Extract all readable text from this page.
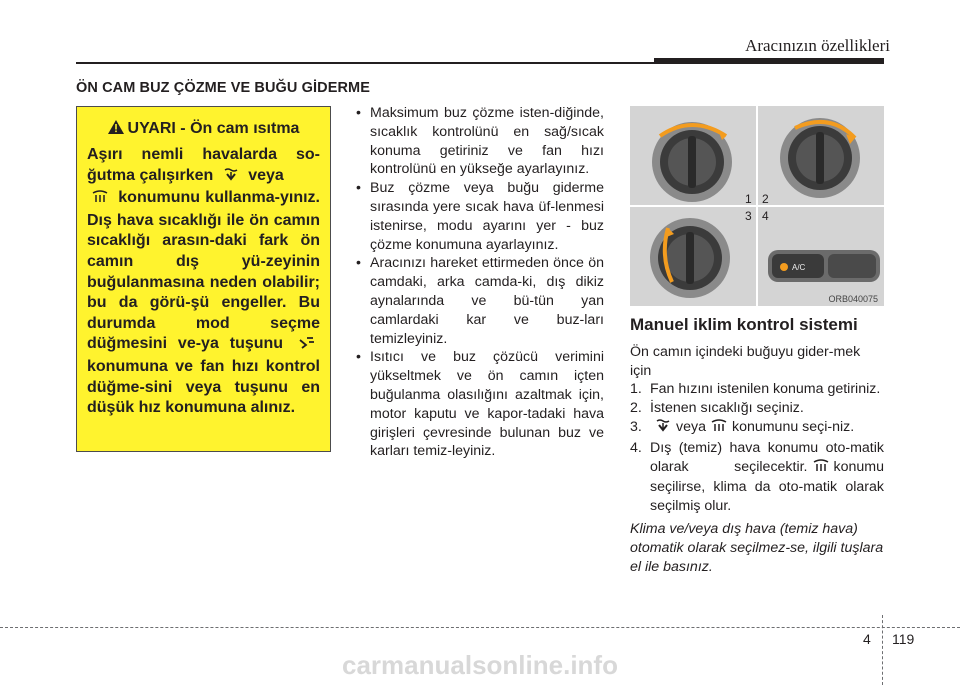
Aracınızın özellikleri
ÖN CAM BUZ ÇÖZME VE BUĞU GİDERME
UYARI - Ön cam ısıtma
Aşırı nemli havalarda so-ğutma çalışırken veya
konumunu kullanma-yınız. Dış hava sıcaklığı ile ön camın sıcaklığı arasın-daki fark ön camın dış yü-zeyinin buğulanmasına neden olabilir; bu da görü-şü engeller. Bu durumda mod seçme düğmesini ve-ya tuşunu  konumuna ve fan hızı kontrol düğme-sini veya tuşunu en düşük hız konumuna alınız.

• Maksimum buz çözme isten-diğinde, sıcaklık kontrolünü en sağ/sıcak konuma getiriniz ve fan hızı kontrolünü en yükseğe ayarlayınız.

• Buz çözme veya buğu giderme sırasında yere sıcak hava üf-lenmesi istenirse, modu ayarını yer - buz çözme konumuna ayarlayınız.

• Aracınızı hareket ettirmeden önce ön camdaki, arka camda-ki, dış dikiz aynalarında ve bü-tün yan camlardaki kar ve buz-ları temizleyiniz.

• Isıtıcı ve buz çözücü verimini yükseltmek ve ön camın içten buğulanma olasılığını azaltmak için, motor kaputu ve kapor-tadaki hava girişleri çevresinde bulunan buz ve karları temiz-leyiniz.

A/C
1 2
3 4
ORB040075
Manuel iklim kontrol sistemi

Ön camın içindeki buğuyu gider-mek için

1. Fan hızını istenilen konuma getiriniz.

2. İstenen sıcaklığı seçiniz.

3. veya konumunu seçi-niz.

4. Dış (temiz) hava konumu oto-matik olarak seçilecektir. konumu seçilirse, klima da oto-matik olarak seçilmiş olur.

Klima ve/veya dış hava (temiz hava) otomatik olarak seçilmez-se, ilgili tuşlara el ile basınız.

4 119
carmanualsonline.info
